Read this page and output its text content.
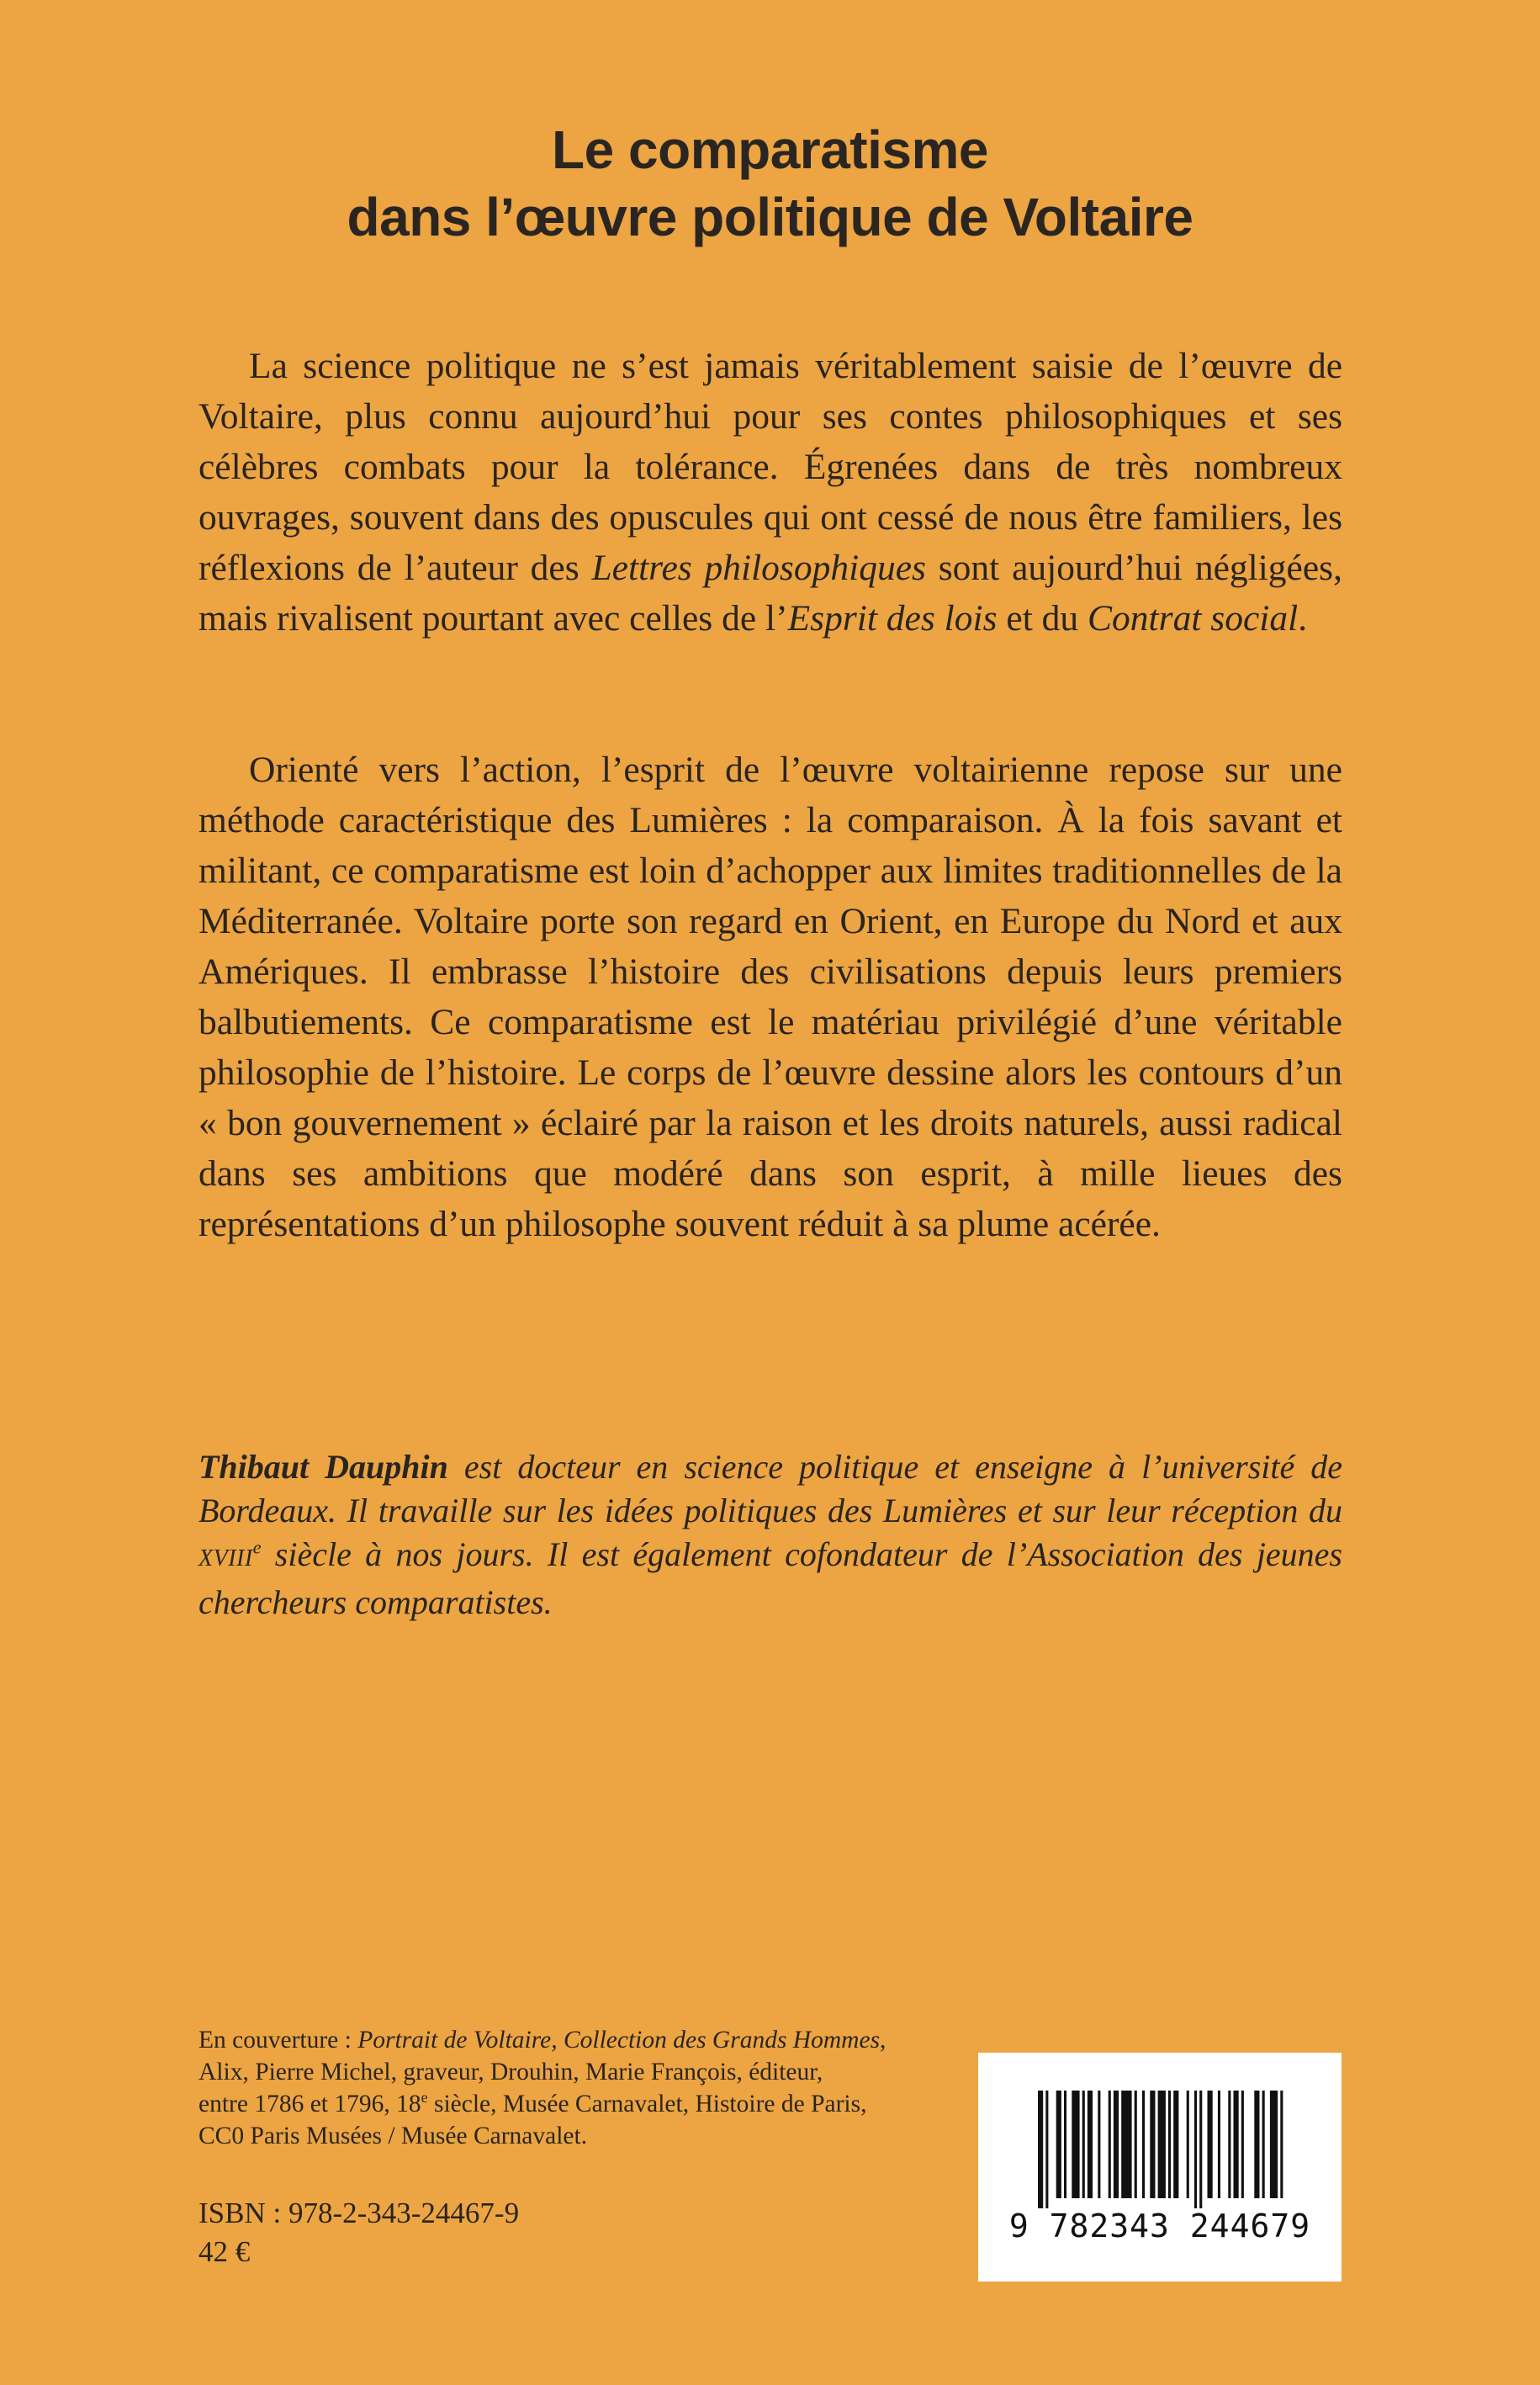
Le comparatisme
dans l’œuvre politique de Voltaire

La science politique ne s’est jamais véritablement saisie de l’œuvre de Voltaire, plus connu aujourd’hui pour ses contes philosophiques et ses célèbres combats pour la tolérance. Égrenées dans de très nombreux ouvrages, souvent dans des opuscules qui ont cessé de nous être familiers, les réflexions de l’auteur des Lettres philosophiques sont aujourd’hui négligées, mais rivalisent pourtant avec celles de l’Esprit des lois et du Contrat social.

Orienté vers l’action, l’esprit de l’œuvre voltairienne repose sur une méthode caractéristique des Lumières : la comparaison. À la fois savant et militant, ce comparatisme est loin d’achopper aux limites traditionnelles de la Méditerranée. Voltaire porte son regard en Orient, en Europe du Nord et aux Amériques. Il embrasse l’histoire des civilisations depuis leurs premiers balbutiements. Ce comparatisme est le matériau privilégié d’une véritable philosophie de l’histoire. Le corps de l’œuvre dessine alors les contours d’un « bon gouvernement » éclairé par la raison et les droits naturels, aussi radical dans ses ambitions que modéré dans son esprit, à mille lieues des représentations d’un philosophe souvent réduit à sa plume acérée.

Thibaut Dauphin est docteur en science politique et enseigne à l’université de Bordeaux. Il travaille sur les idées politiques des Lumières et sur leur réception du XVIIIe siècle à nos jours. Il est également cofondateur de l’Association des jeunes chercheurs comparatistes.
En couverture : Portrait de Voltaire, Collection des Grands Hommes,
Alix, Pierre Michel, graveur, Drouhin, Marie François, éditeur,
entre 1786 et 1796, 18e siècle, Musée Carnavalet, Histoire de Paris,
CC0 Paris Musées / Musée Carnavalet.
ISBN : 978-2-343-24467-9
42 €
9 782343 244679
